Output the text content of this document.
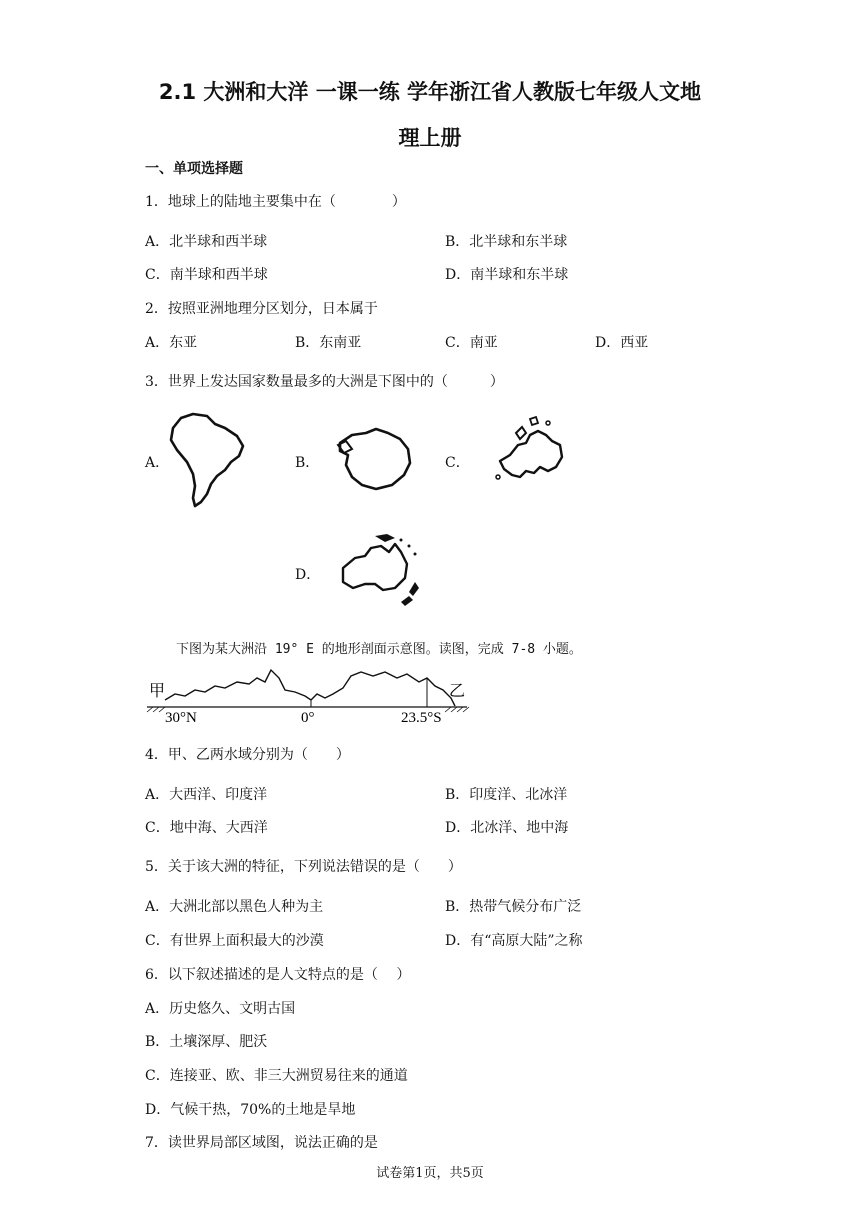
2.1 大洲和大洋 一课一练 学年浙江省人教版七年级人文地
理上册
一、单项选择题
1．地球上的陆地主要集中在（　　　　）
A．北半球和西半球	B．北半球和东半球
C．南半球和西半球	D．南半球和东半球
2．按照亚洲地理分区划分，日本属于
A．东亚	B．东南亚	C．南亚	D．西亚
3．世界上发达国家数量最多的大洲是下图中的（　　　）
A．	B．	C．
D．
下图为某大洲沿 19° E 的地形剖面示意图。读图，完成 7-8 小题。
甲	乙
30°N	0°	23.5°S
4．甲、乙两水域分别为（　　）
A．大西洋、印度洋	B．印度洋、北冰洋
C．地中海、大西洋	D．北冰洋、地中海
5．关于该大洲的特征，下列说法错误的是（　　）
A．大洲北部以黑色人种为主	B．热带气候分布广泛
C．有世界上面积最大的沙漠	D．有“高原大陆”之称
6．以下叙述描述的是人文特点的是（　 ）
A．历史悠久、文明古国
B．土壤深厚、肥沃
C．连接亚、欧、非三大洲贸易往来的通道
D．气候干热，70%的土地是旱地
7．读世界局部区域图，说法正确的是
试卷第1页，共5页
